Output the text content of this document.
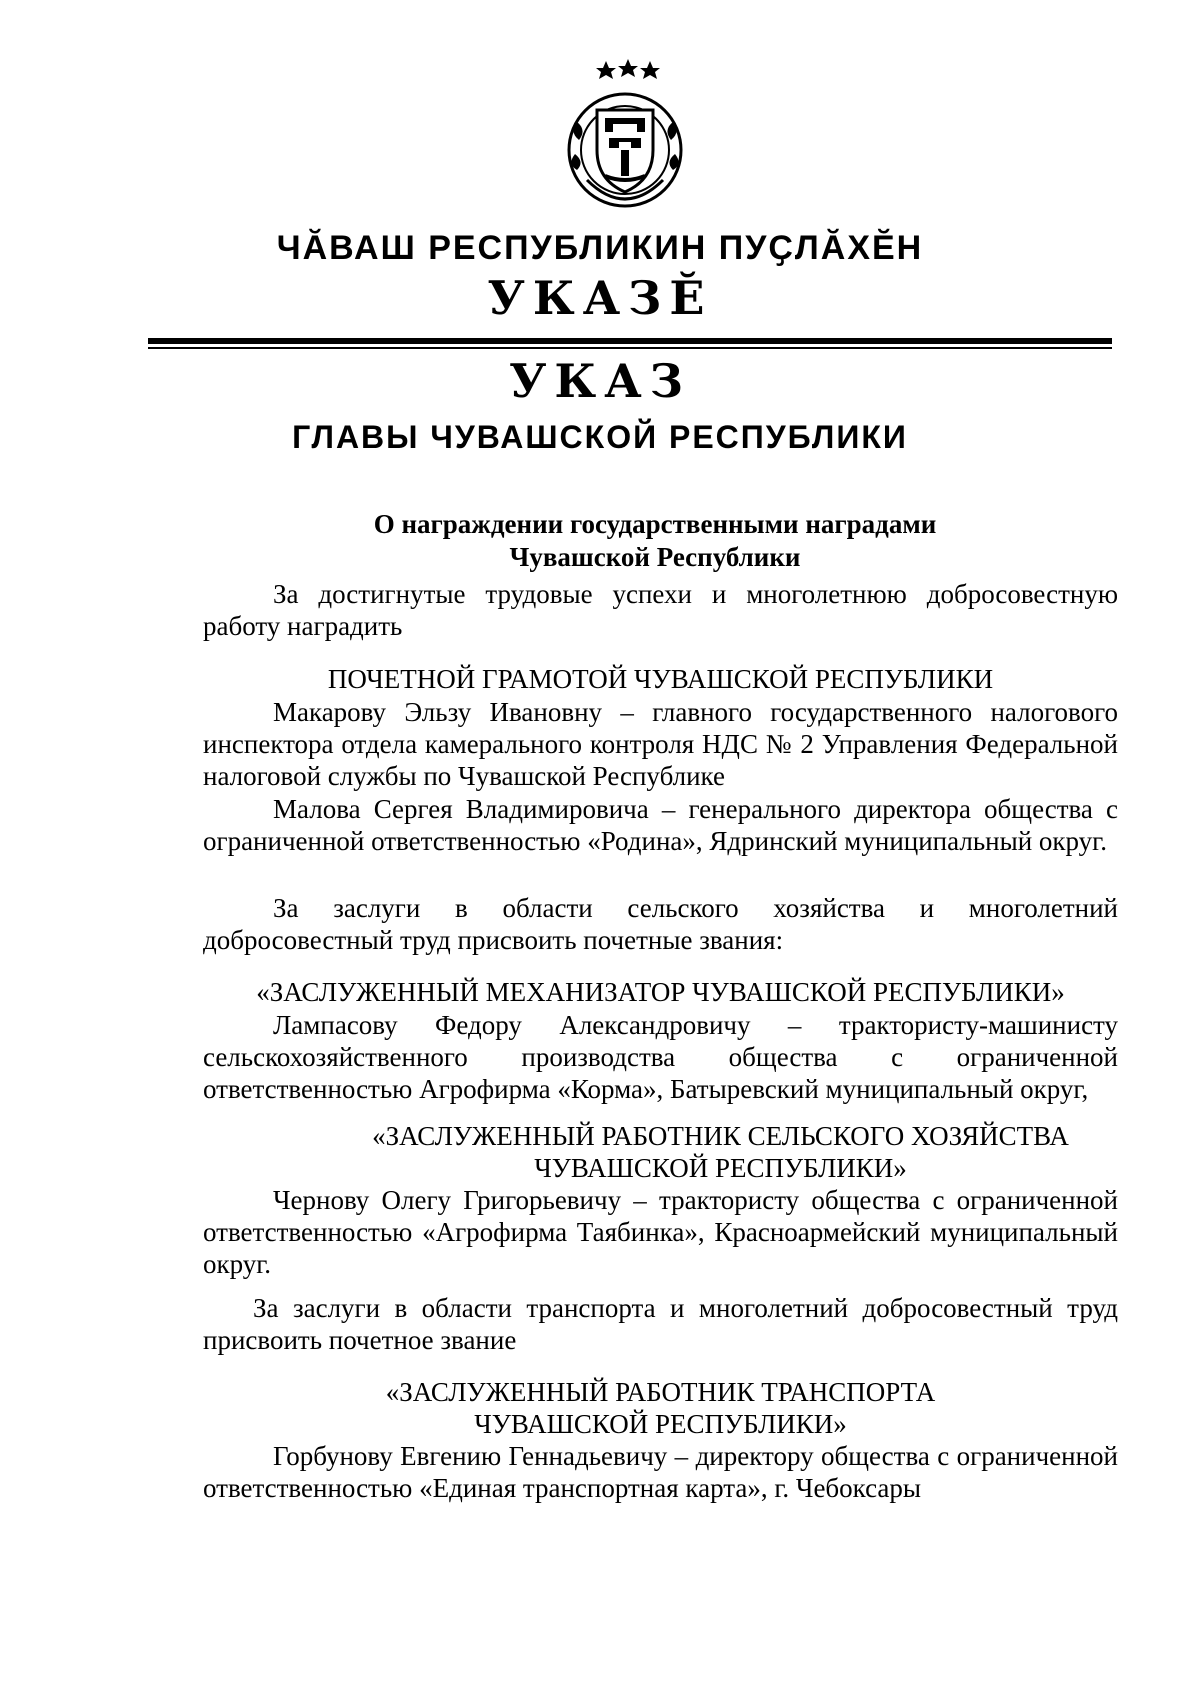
ЧӐВАШ РЕСПУБЛИКИН ПУҪЛӐХӖН
УКАЗӖ
УКАЗ
ГЛАВЫ ЧУВАШСКОЙ РЕСПУБЛИКИ
О награждении государственными наградами
Чувашской Республики
За достигнутые трудовые успехи и многолетнюю добросовестную работу наградить
ПОЧЕТНОЙ ГРАМОТОЙ ЧУВАШСКОЙ РЕСПУБЛИКИ
Макарову Эльзу Ивановну – главного государственного налогового инспектора отдела камерального контроля НДС № 2 Управления Федеральной налоговой службы по Чувашской Республике
Малова Сергея Владимировича – генерального директора общества с ограниченной ответственностью «Родина», Ядринский муниципальный округ.
За заслуги в области сельского хозяйства и многолетний добросовестный труд присвоить почетные звания:
«ЗАСЛУЖЕННЫЙ МЕХАНИЗАТОР ЧУВАШСКОЙ РЕСПУБЛИКИ»
Лампасову Федору Александровичу – трактористу-машинисту сельскохозяйственного производства общества с ограниченной ответственностью Агрофирма «Корма», Батыревский муниципальный округ,
«ЗАСЛУЖЕННЫЙ РАБОТНИК СЕЛЬСКОГО ХОЗЯЙСТВА
ЧУВАШСКОЙ РЕСПУБЛИКИ»
Чернову Олегу Григорьевичу – трактористу общества с ограниченной ответственностью «Агрофирма Таябинка», Красноармейский муниципальный округ.
За заслуги в области транспорта и многолетний добросовестный труд присвоить почетное звание
«ЗАСЛУЖЕННЫЙ РАБОТНИК ТРАНСПОРТА
ЧУВАШСКОЙ РЕСПУБЛИКИ»
Горбунову Евгению Геннадьевичу – директору общества с ограниченной ответственностью «Единая транспортная карта», г. Чебоксары
